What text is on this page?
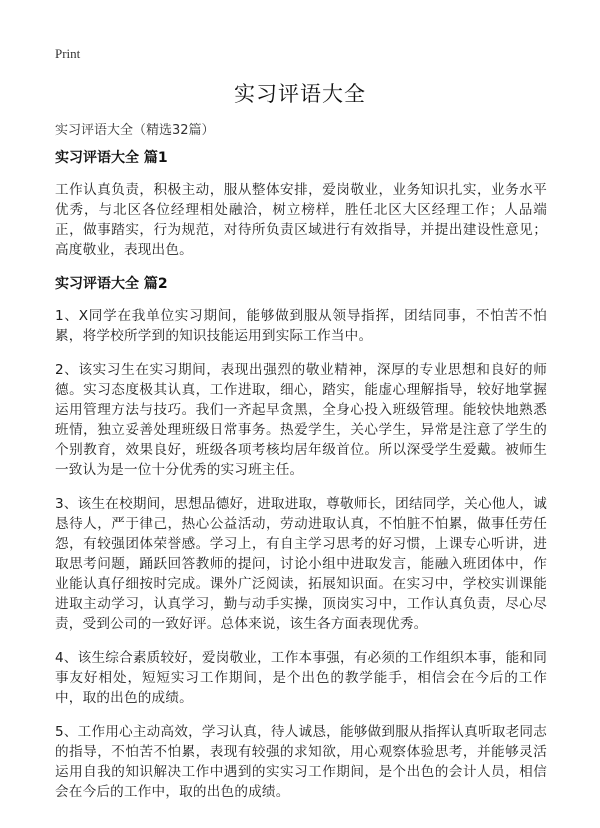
Print
实习评语大全
实习评语大全（精选32篇）
实习评语大全 篇1

工作认真负责，积极主动，服从整体安排，爱岗敬业，业务知识扎实，业务水平优秀，与北区各位经理相处融洽，树立榜样，胜任北区大区经理工作；人品端正，做事踏实，行为规范，对待所负责区域进行有效指导，并提出建设性意见；高度敬业，表现出色。

实习评语大全 篇2

1、X同学在我单位实习期间，能够做到服从领导指挥，团结同事，不怕苦不怕累，将学校所学到的知识技能运用到实际工作当中。

2、该实习生在实习期间，表现出强烈的敬业精神，深厚的专业思想和良好的师德。实习态度极其认真，工作进取，细心，踏实，能虚心理解指导，较好地掌握运用管理方法与技巧。我们一齐起早贪黑，全身心投入班级管理。能较快地熟悉班情，独立妥善处理班级日常事务。热爱学生，关心学生，异常是注意了学生的个别教育，效果良好，班级各项考核均居年级首位。所以深受学生爱戴。被师生一致认为是一位十分优秀的实习班主任。

3、该生在校期间，思想品德好，进取进取，尊敬师长，团结同学，关心他人，诚恳待人，严于律己，热心公益活动，劳动进取认真，不怕脏不怕累，做事任劳任怨，有较强团体荣誉感。学习上，有自主学习思考的好习惯，上课专心听讲，进取思考问题，踊跃回答教师的提问，讨论小组中进取发言，能融入班团体中，作业能认真仔细按时完成。课外广泛阅读，拓展知识面。在实习中，学校实训课能进取主动学习，认真学习，勤与动手实操，顶岗实习中，工作认真负责，尽心尽责，受到公司的一致好评。总体来说，该生各方面表现优秀。

4、该生综合素质较好，爱岗敬业，工作本事强，有必须的工作组织本事，能和同事友好相处，短短实习工作期间，是个出色的教学能手，相信会在今后的工作中，取的出色的成绩。

5、工作用心主动高效，学习认真，待人诚恳，能够做到服从指挥认真听取老同志的指导，不怕苦不怕累，表现有较强的求知欲，用心观察体验思考，并能够灵活运用自我的知识解决工作中遇到的实实习工作期间，是个出色的会计人员，相信会在今后的工作中，取的出色的成绩。
